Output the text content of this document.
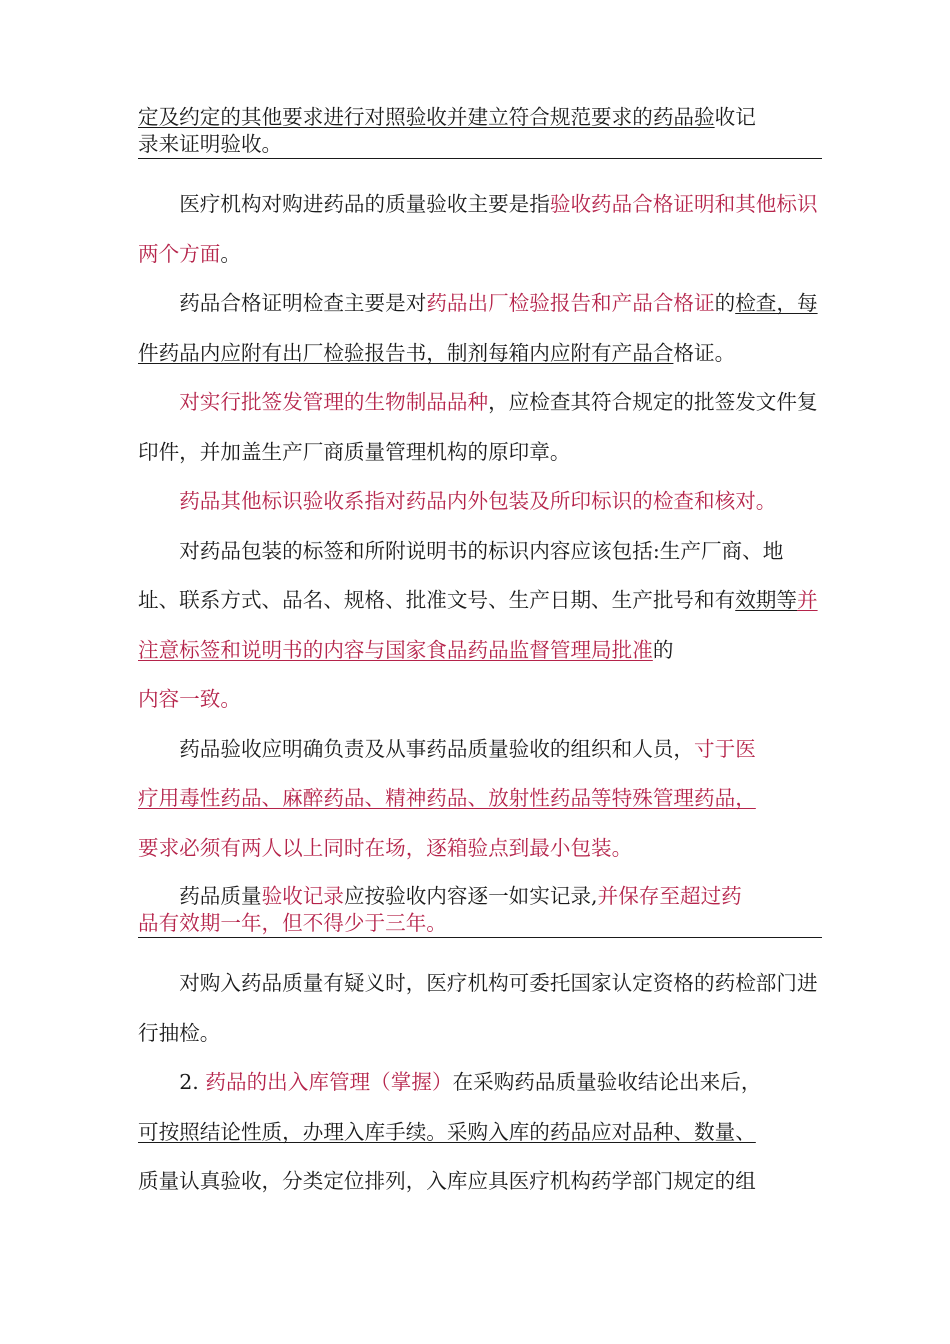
定及约定的其他要求进行对照验收并建立符合规范要求的药品验收记
录来证明验收。

医疗机构对购进药品的质量验收主要是指验收药品合格证明和其他标识两个方面。

药品合格证明检查主要是对药品出厂检验报告和产品合格证的检查，每件药品内应附有出厂检验报告书，制剂每箱内应附有产品合格证。

对实行批签发管理的生物制品品种，应检查其符合规定的批签发文件复印件，并加盖生产厂商质量管理机构的原印章。

药品其他标识验收系指对药品内外包装及所印标识的检查和核对。

对药品包装的标签和所附说明书的标识内容应该包括:生产厂商、地址、联系方式、品名、规格、批准文号、生产日期、生产批号和有效期等并注意标签和说明书的内容与国家食品药品监督管理局批准的
内容一致。

药品验收应明确负责及从事药品质量验收的组织和人员，寸于医
疗用毒性药品、麻醉药品、精神药品、放射性药品等特殊管理药品，
要求必须有两人以上同时在场，逐箱验点到最小包装。

药品质量验收记录应按验收内容逐一如实记录,并保存至超过药
品有效期一年，但不得少于三年。

对购入药品质量有疑义时，医疗机构可委托国家认定资格的药检部门进行抽检。

2. 药品的出入库管理（掌握）在采购药品质量验收结论出来后，
可按照结论性质，办理入库手续。采购入库的药品应对品种、数量、
质量认真验收，分类定位排列，入库应具医疗机构药学部门规定的组
